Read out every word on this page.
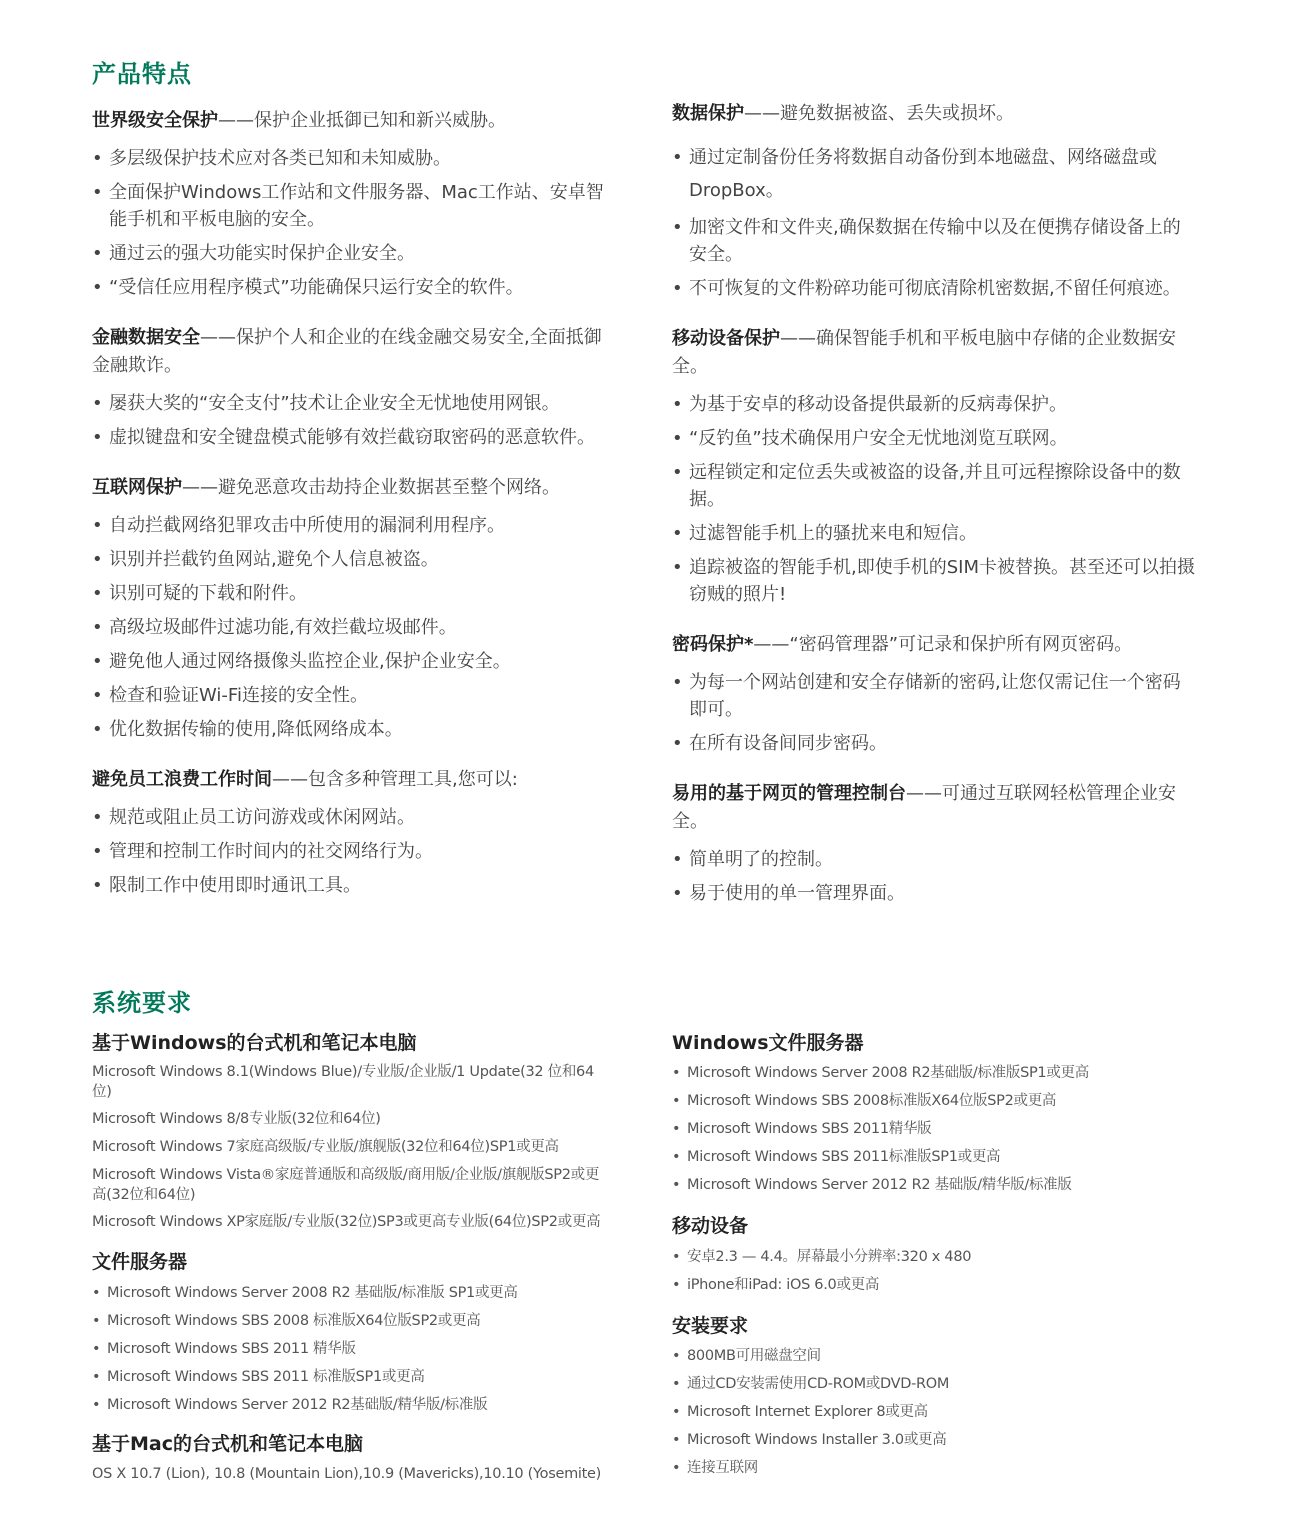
产品特点

世界级安全保护——保护企业抵御已知和新兴威胁。

• 多层级保护技术应对各类已知和未知威胁。
• 全面保护Windows工作站和文件服务器、Mac工作站、安卓智能手机和平板电脑的安全。
• 通过云的强大功能实时保护企业安全。
• “受信任应用程序模式”功能确保只运行安全的软件。

金融数据安全——保护个人和企业的在线金融交易安全,全面抵御金融欺诈。

• 屡获大奖的“安全支付”技术让企业安全无忧地使用网银。
• 虚拟键盘和安全键盘模式能够有效拦截窃取密码的恶意软件。

互联网保护——避免恶意攻击劫持企业数据甚至整个网络。

• 自动拦截网络犯罪攻击中所使用的漏洞利用程序。
• 识别并拦截钓鱼网站,避免个人信息被盗。
• 识别可疑的下载和附件。
• 高级垃圾邮件过滤功能,有效拦截垃圾邮件。
• 避免他人通过网络摄像头监控企业,保护企业安全。
• 检查和验证Wi-Fi连接的安全性。
• 优化数据传输的使用,降低网络成本。

避免员工浪费工作时间——包含多种管理工具,您可以:

• 规范或阻止员工访问游戏或休闲网站。
• 管理和控制工作时间内的社交网络行为。
• 限制工作中使用即时通讯工具。

数据保护——避免数据被盗、丢失或损坏。

• 通过定制备份任务将数据自动备份到本地磁盘、网络磁盘或 DropBox。
• 加密文件和文件夹,确保数据在传输中以及在便携存储设备上的安全。
• 不可恢复的文件粉碎功能可彻底清除机密数据,不留任何痕迹。

移动设备保护——确保智能手机和平板电脑中存储的企业数据安全。

• 为基于安卓的移动设备提供最新的反病毒保护。
• “反钓鱼”技术确保用户安全无忧地浏览互联网。
• 远程锁定和定位丢失或被盗的设备,并且可远程擦除设备中的数据。
• 过滤智能手机上的骚扰来电和短信。
• 追踪被盗的智能手机,即使手机的SIM卡被替换。甚至还可以拍摄窃贼的照片!

密码保护*——“密码管理器”可记录和保护所有网页密码。

• 为每一个网站创建和安全存储新的密码,让您仅需记住一个密码即可。
• 在所有设备间同步密码。

易用的基于网页的管理控制台——可通过互联网轻松管理企业安全。

• 简单明了的控制。
• 易于使用的单一管理界面。
系统要求
基于Windows的台式机和笔记本电脑
Microsoft Windows 8.1(Windows Blue)/专业版/企业版/1 Update(32 位和64位)
Microsoft Windows 8/8专业版(32位和64位)
Microsoft Windows 7家庭高级版/专业版/旗舰版(32位和64位)SP1或更高
Microsoft Windows Vista®家庭普通版和高级版/商用版/企业版/旗舰版SP2或更高(32位和64位)
Microsoft Windows XP家庭版/专业版(32位)SP3或更高专业版(64位)SP2或更高
文件服务器
• Microsoft Windows Server 2008 R2 基础版/标准版 SP1或更高
• Microsoft Windows SBS 2008 标准版X64位版SP2或更高
• Microsoft Windows SBS 2011 精华版
• Microsoft Windows SBS 2011 标准版SP1或更高
• Microsoft Windows Server 2012 R2基础版/精华版/标准版
基于Mac的台式机和笔记本电脑
OS X 10.7 (Lion), 10.8 (Mountain Lion),10.9 (Mavericks),10.10 (Yosemite)
Windows文件服务器
• Microsoft Windows Server 2008 R2基础版/标准版SP1或更高
• Microsoft Windows SBS 2008标准版X64位版SP2或更高
• Microsoft Windows SBS 2011精华版
• Microsoft Windows SBS 2011标准版SP1或更高
• Microsoft Windows Server 2012 R2 基础版/精华版/标准版
移动设备
• 安卓2.3 — 4.4。屏幕最小分辨率:320 x 480
• iPhone和iPad: iOS 6.0或更高
安装要求
• 800MB可用磁盘空间
• 通过CD安装需使用CD-ROM或DVD-ROM
• Microsoft Internet Explorer 8或更高
• Microsoft Windows Installer 3.0或更高
• 连接互联网
